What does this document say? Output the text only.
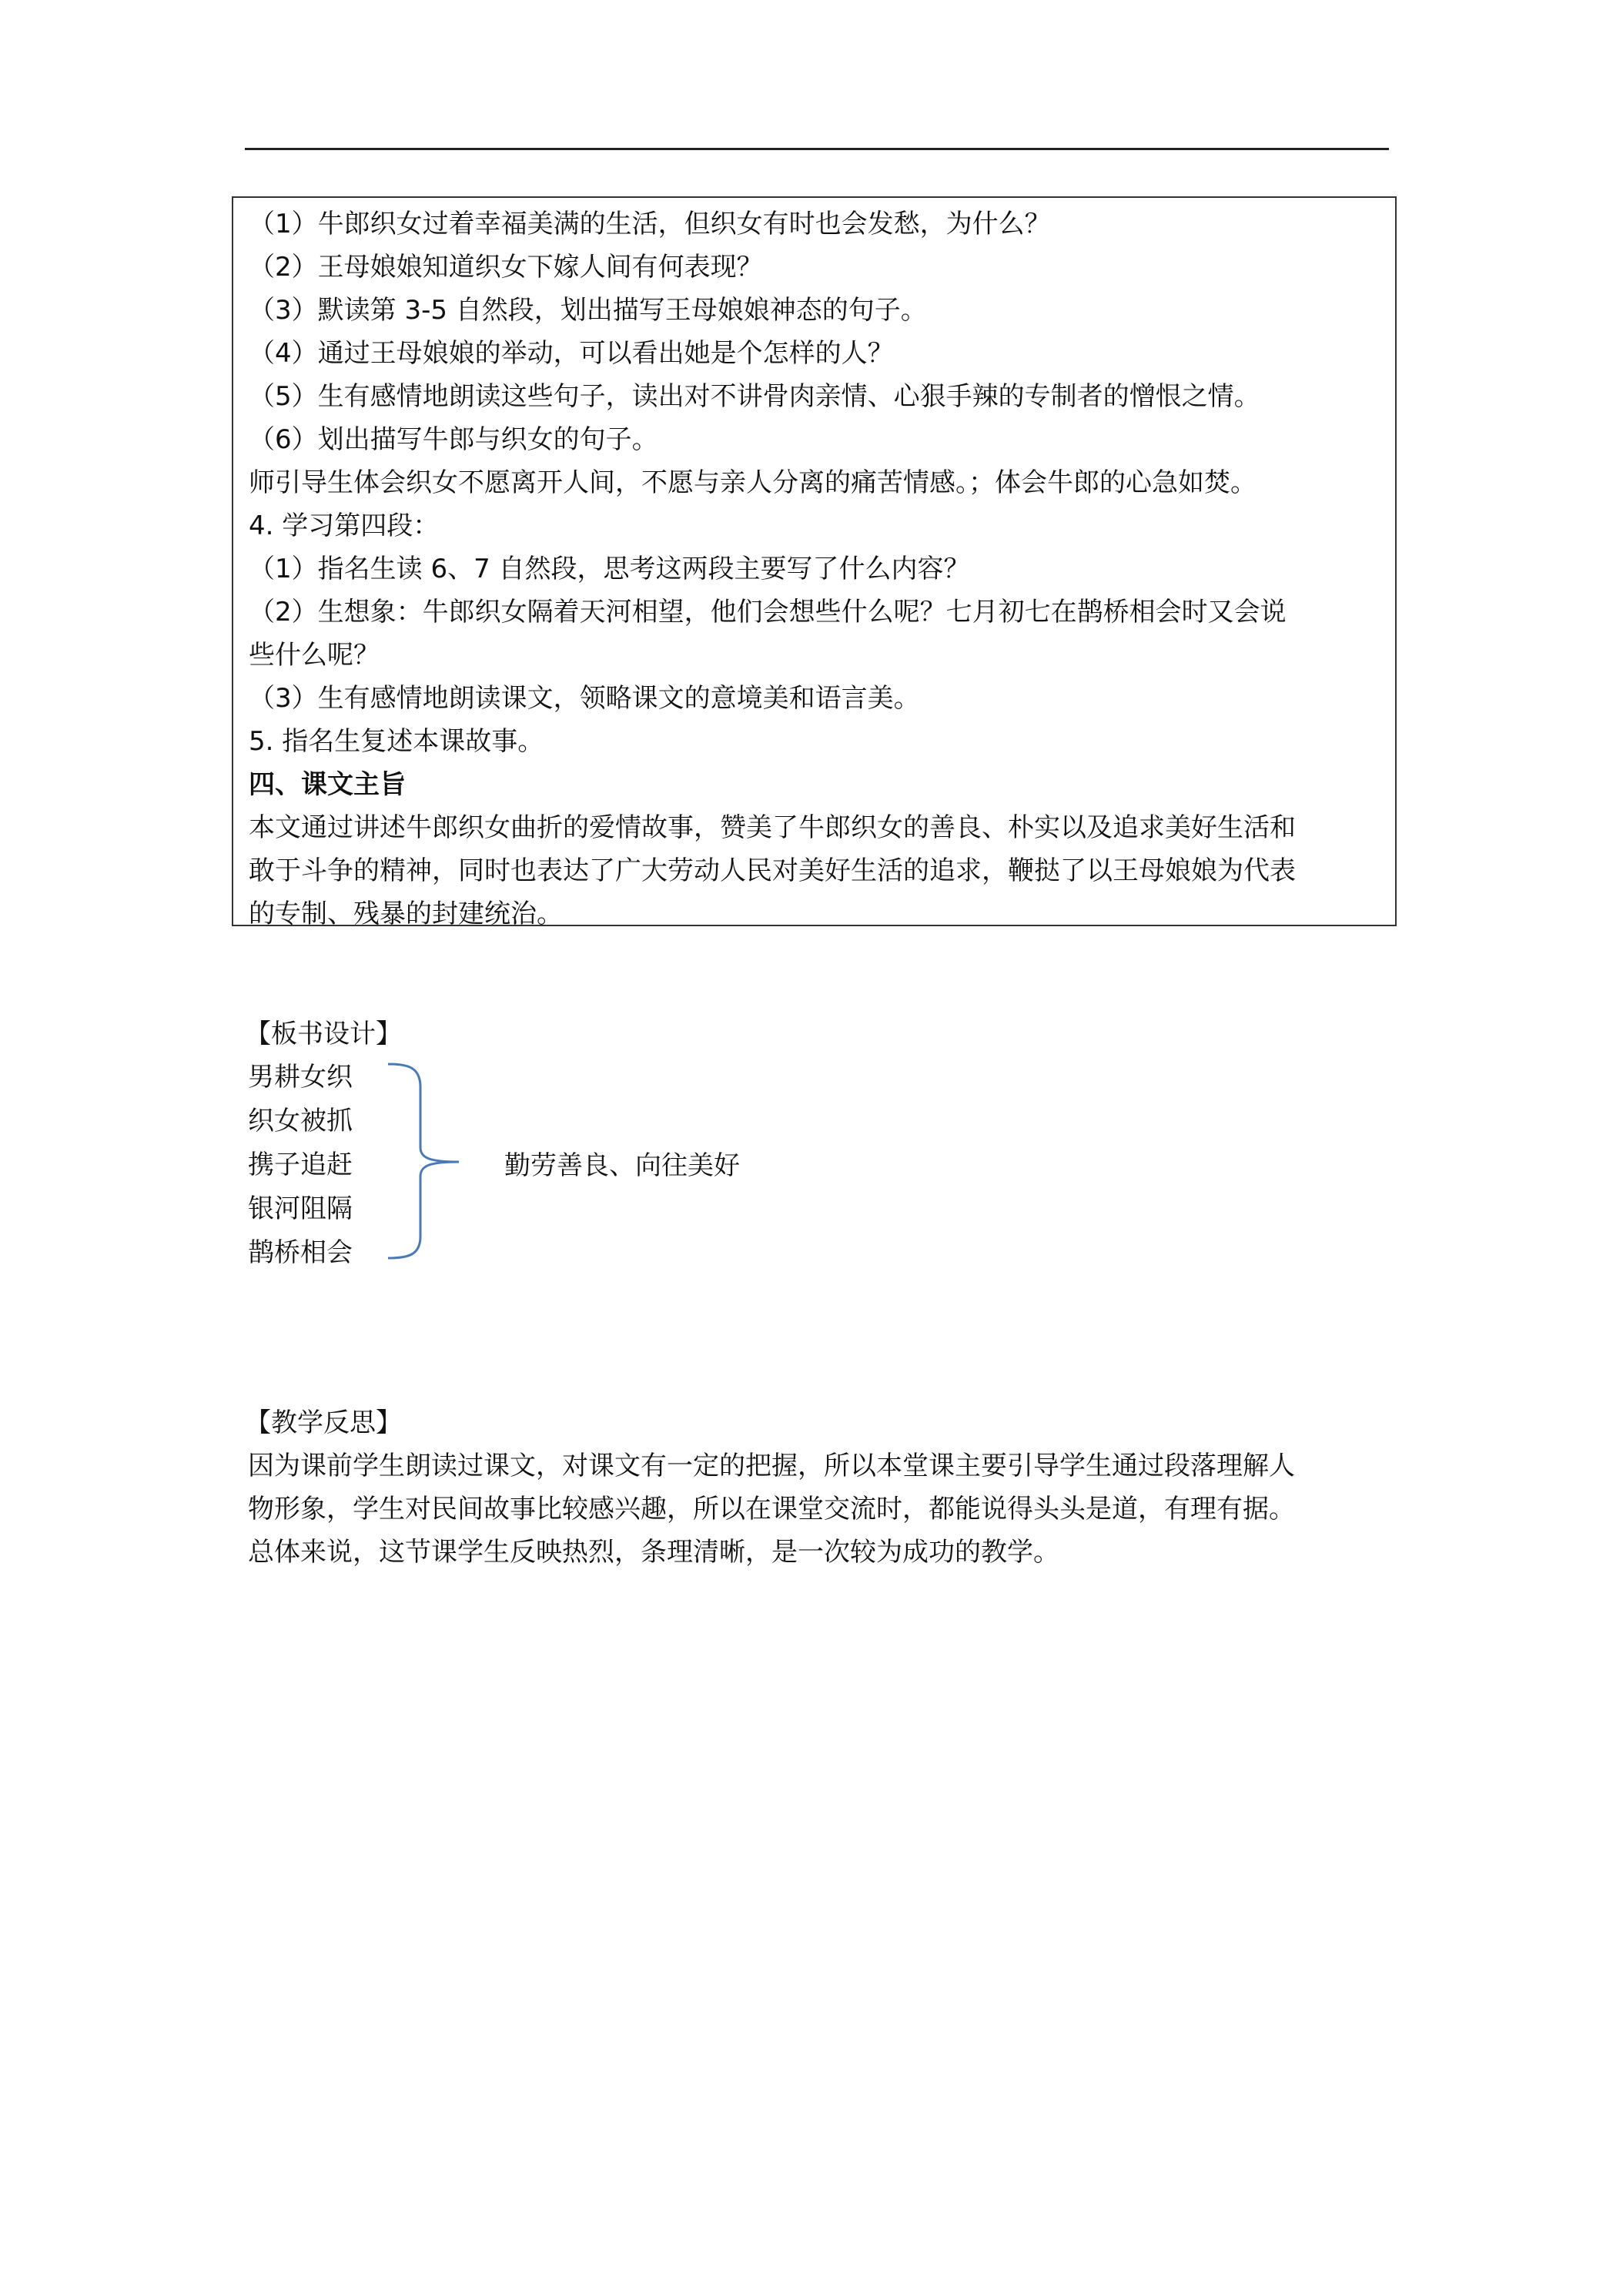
（1）牛郎织女过着幸福美满的生活，但织女有时也会发愁，为什么？
（2）王母娘娘知道织女下嫁人间有何表现？
（3）默读第 3-5 自然段，划出描写王母娘娘神态的句子。
（4）通过王母娘娘的举动，可以看出她是个怎样的人？
（5）生有感情地朗读这些句子，读出对不讲骨肉亲情、心狠手辣的专制者的憎恨之情。
（6）划出描写牛郎与织女的句子。
师引导生体会织女不愿离开人间，不愿与亲人分离的痛苦情感。；体会牛郎的心急如焚。
4. 学习第四段：
（1）指名生读 6、7 自然段，思考这两段主要写了什么内容？
（2）生想象：牛郎织女隔着天河相望，他们会想些什么呢？七月初七在鹊桥相会时又会说
些什么呢？
（3）生有感情地朗读课文，领略课文的意境美和语言美。
5. 指名生复述本课故事。
四、课文主旨
本文通过讲述牛郎织女曲折的爱情故事，赞美了牛郎织女的善良、朴实以及追求美好生活和
敢于斗争的精神，同时也表达了广大劳动人民对美好生活的追求，鞭挞了以王母娘娘为代表
的专制、残暴的封建统治。
【板书设计】
男耕女织
织女被抓
携子追赶
银河阻隔
鹊桥相会
勤劳善良、向往美好
【教学反思】
因为课前学生朗读过课文，对课文有一定的把握，所以本堂课主要引导学生通过段落理解人
物形象，学生对民间故事比较感兴趣，所以在课堂交流时，都能说得头头是道，有理有据。
总体来说，这节课学生反映热烈，条理清晰，是一次较为成功的教学。
